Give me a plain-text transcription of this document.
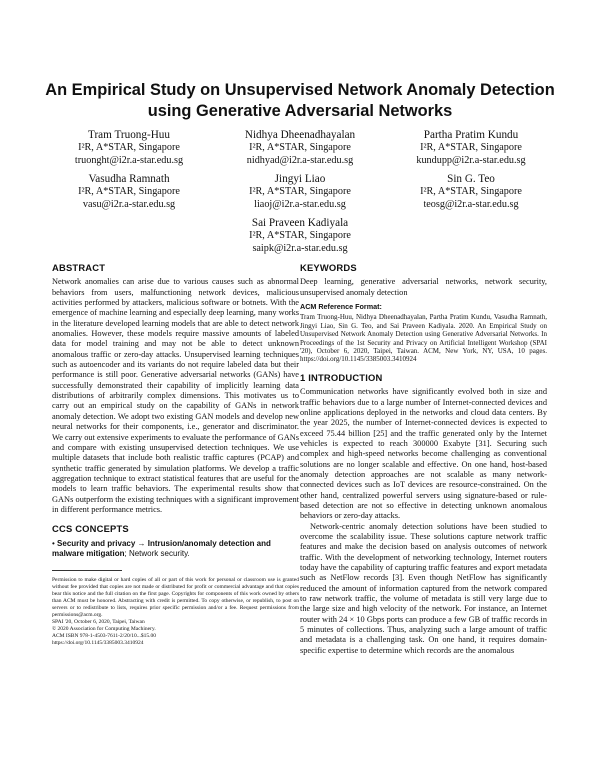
An Empirical Study on Unsupervised Network Anomaly Detection using Generative Adversarial Networks
Tram Truong-Huu
I²R, A*STAR, Singapore
truonght@i2r.a-star.edu.sg
Nidhya Dheenadhayalan
I²R, A*STAR, Singapore
nidhyad@i2r.a-star.edu.sg
Partha Pratim Kundu
I²R, A*STAR, Singapore
kundupp@i2r.a-star.edu.sg
Vasudha Ramnath
I²R, A*STAR, Singapore
vasu@i2r.a-star.edu.sg
Jingyi Liao
I²R, A*STAR, Singapore
liaoj@i2r.a-star.edu.sg
Sin G. Teo
I²R, A*STAR, Singapore
teosg@i2r.a-star.edu.sg
Sai Praveen Kadiyala
I²R, A*STAR, Singapore
saipk@i2r.a-star.edu.sg
ABSTRACT

Network anomalies can arise due to various causes such as abnormal behaviors from users, malfunctioning network devices, malicious activities performed by attackers, malicious software or botnets. With the emergence of machine learning and especially deep learning, many works in the literature developed learning models that are able to detect network anomalies. However, these models require massive amounts of labeled data for model training and may not be able to detect unknown anomalous traffic or zero-day attacks. Unsupervised learning techniques such as autoencoder and its variants do not require labeled data but their performance is still poor. Generative adversarial networks (GANs) have successfully demonstrated their capability of implicitly learning data distributions of arbitrarily complex dimensions. This motivates us to carry out an empirical study on the capability of GANs in network anomaly detection. We adopt two existing GAN models and develop new neural networks for their components, i.e., generator and discriminator. We carry out extensive experiments to evaluate the performance of GANs and compare with existing unsupervised detection techniques. We use multiple datasets that include both realistic traffic captures (PCAP) and synthetic traffic generated by simulation platforms. We develop a traffic aggregation technique to extract statistical features that are useful for the models to learn traffic behaviors. The experimental results show that GANs outperform the existing techniques with a significant improvement in different performance metrics.

CCS CONCEPTS

• Security and privacy → Intrusion/anomaly detection and malware mitigation; Network security.

Permission to make digital or hard copies of all or part of this work for personal or classroom use is granted without fee provided that copies are not made or distributed for profit or commercial advantage and that copies bear this notice and the full citation on the first page. Copyrights for components of this work owned by others than ACM must be honored. Abstracting with credit is permitted. To copy otherwise, or republish, to post on servers or to redistribute to lists, requires prior specific permission and/or a fee. Request permissions from permissions@acm.org.

SPAI '20, October 6, 2020, Taipei, Taiwan

© 2020 Association for Computing Machinery.

ACM ISBN 978-1-4503-7611-2/20/10...$15.00

https://doi.org/10.1145/3385003.3410924

KEYWORDS

Deep learning, generative adversarial networks, network security, unsupervised anomaly detection

ACM Reference Format:

Tram Truong-Huu, Nidhya Dheenadhayalan, Partha Pratim Kundu, Vasudha Ramnath, Jingyi Liao, Sin G. Teo, and Sai Praveen Kadiyala. 2020. An Empirical Study on Unsupervised Network Anomaly Detection using Generative Adversarial Networks. In Proceedings of the 1st Security and Privacy on Artificial Intelligent Workshop (SPAI '20), October 6, 2020, Taipei, Taiwan. ACM, New York, NY, USA, 10 pages. https://doi.org/10.1145/3385003.3410924

1 INTRODUCTION

Communication networks have significantly evolved both in size and traffic behaviors due to a large number of Internet-connected devices and online applications deployed in the networks and cloud data centers. By the year 2025, the number of Internet-connected devices is expected to exceed 75.44 billion [25] and the traffic generated only by the Internet vehicles is expected to reach 300000 Exabyte [31]. Securing such complex and high-speed networks become challenging as conventional solutions are no longer scalable and effective. On one hand, host-based anomaly detection approaches are not scalable as many network-connected devices such as IoT devices are resource-constrained. On the other hand, centralized powerful servers using signature-based or rule-based detection are not so effective in detecting unknown anomalous behaviors or zero-day attacks.

Network-centric anomaly detection solutions have been studied to overcome the scalability issue. These solutions capture network traffic features and make the decision based on analysis outcomes of network traffic. With the development of networking technology, Internet routers today have the capability of capturing traffic features and export metadata such as NetFlow records [3]. Even though NetFlow has significantly reduced the amount of information captured from the network compared to raw network traffic, the volume of metadata is still very large due to the large size and high velocity of the network. For instance, an Internet router with 24 × 10 Gbps ports can produce a few GB of traffic records in 5 minutes of collections. Thus, analyzing such a large amount of traffic and metadata is a challenging task. On one hand, it requires domain-specific expertise to determine which records are the anomalous
